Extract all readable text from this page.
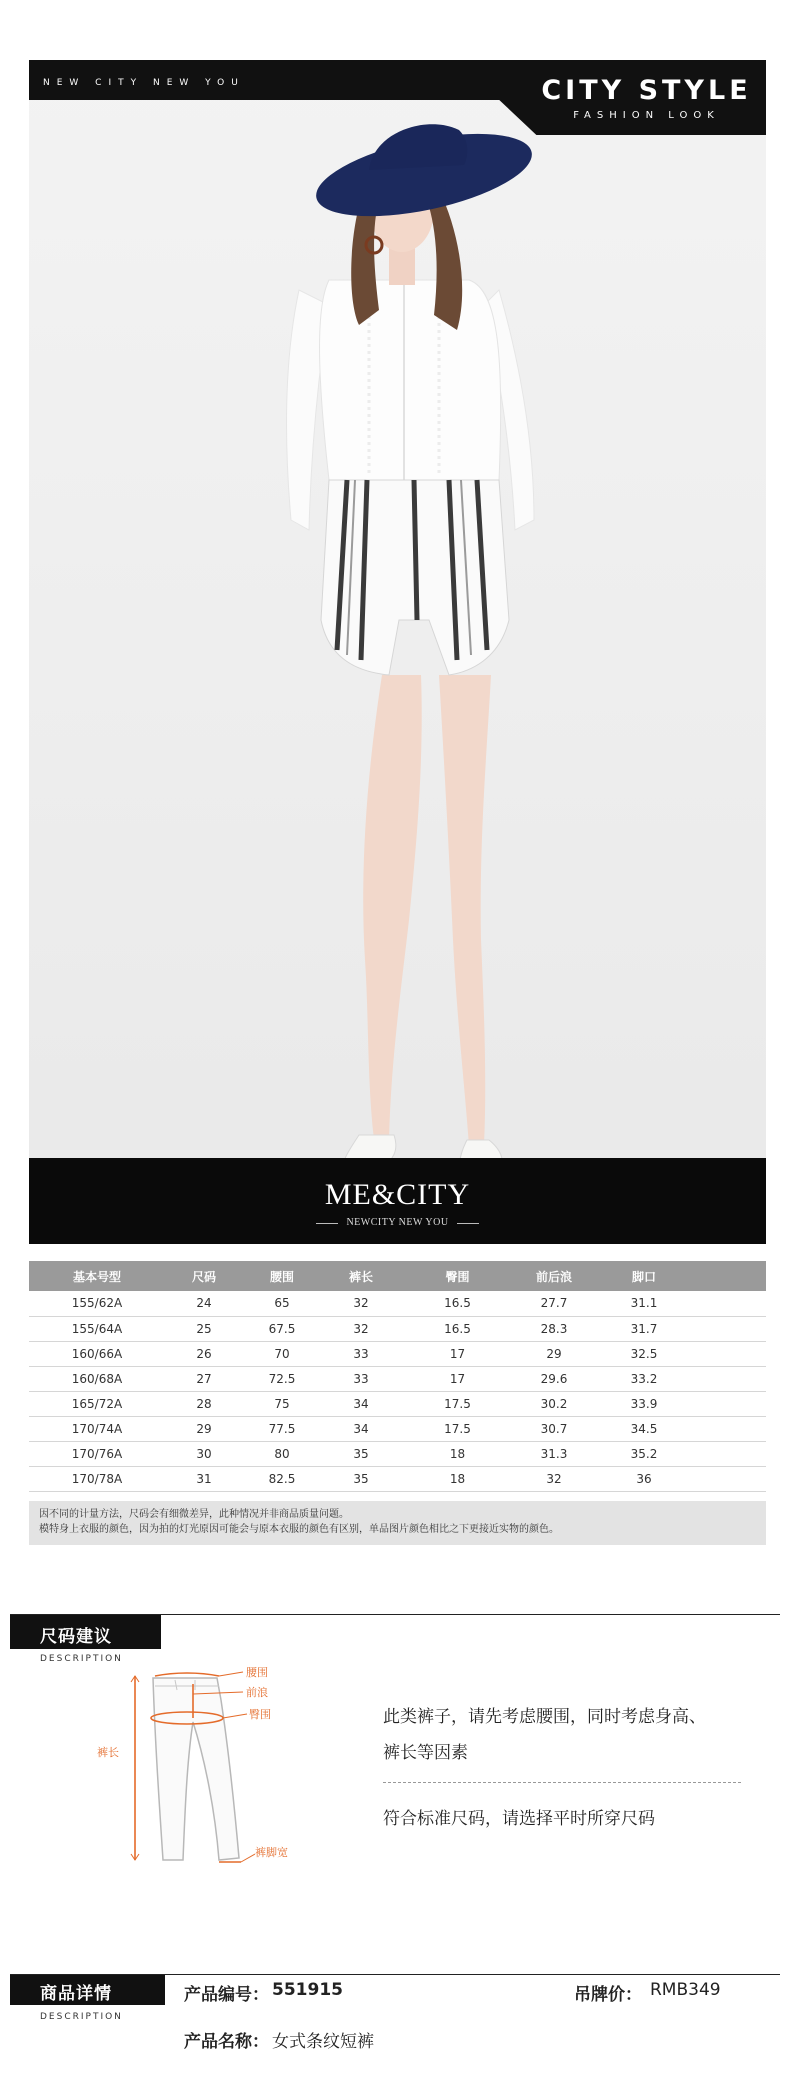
NEW CITY NEW YOU	CITY STYLE
FASHION LOOK
ME&CITY
NEWCITY NEW YOU
基本号型	尺码	腰围	裤长	臀围	前后浪	脚口	
155/62A	24	65	32	16.5	27.7	31.1	
155/64A	25	67.5	32	16.5	28.3	31.7	
160/66A	26	70	33	17	29	32.5	
160/68A	27	72.5	33	17	29.6	33.2	
165/72A	28	75	34	17.5	30.2	33.9	
170/74A	29	77.5	34	17.5	30.7	34.5	
170/76A	30	80	35	18	31.3	35.2	
170/78A	31	82.5	35	18	32	36	
因不同的计量方法，尺码会有细微差异，此种情况并非商品质量问题。
模特身上衣服的颜色，因为拍的灯光原因可能会与原本衣服的颜色有区别，单品图片颜色相比之下更接近实物的颜色。
尺码建议
DESCRIPTION
腰围
前浪
臀围
裤长
裤脚宽
此类裤子，请先考虑腰围，同时考虑身高、
裤长等因素
符合标准尺码，请选择平时所穿尺码
商品详情
DESCRIPTION
产品编号： 551915	吊牌价： RMB349
产品名称： 女式条纹短裤
